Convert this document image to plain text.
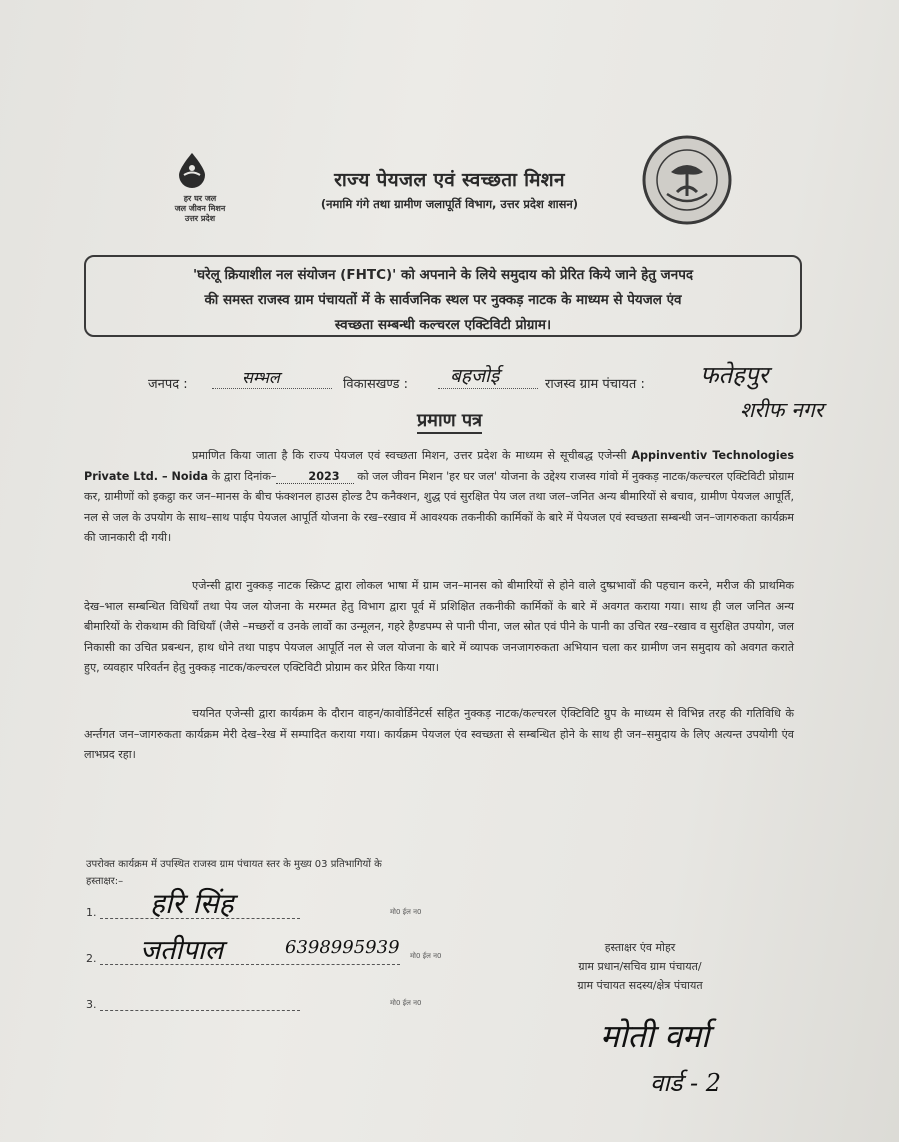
हर घर जल
जल जीवन मिशन
उत्तर प्रदेश
राज्य पेयजल एवं स्वच्छता मिशन
(नमामि गंगे तथा ग्रामीण जलापूर्ति विभाग, उत्तर प्रदेश शासन)
'घरेलू क्रियाशील नल संयोजन (FHTC)' को अपनाने के लिये समुदाय को प्रेरित किये जाने हेतु जनपद
की समस्त राजस्व ग्राम पंचायतों में के सार्वजनिक स्थल पर नुक्कड़ नाटक के माध्यम से पेयजल एंव
स्वच्छता सम्बन्धी कल्चरल एक्टिविटी प्रोग्राम।
जनपद :	सम्भल	विकासखण्ड :	बहजोई	राजस्व ग्राम पंचायत : फतेहपुर
शरीफ नगर
प्रमाण पत्र

प्रमाणित किया जाता है कि राज्य पेयजल एवं स्वच्छता मिशन, उत्तर प्रदेश के माध्यम से सूचीबद्ध एजेन्सी Appinventiv Technologies Private Ltd. – Noida के द्वारा दिनांक–	2023 को जल जीवन मिशन 'हर घर जल' योजना के उद्देश्य राजस्व गांवो में नुक्कड़ नाटक/कल्चरल एक्टिविटी प्रोग्राम कर, ग्रामीणों को इकट्ठा कर जन–मानस के बीच फंक्शनल हाउस होल्ड टैप कनैक्शन, शुद्ध एवं सुरक्षित पेय जल तथा जल–जनित अन्य बीमारियों से बचाव, ग्रामीण पेयजल आपूर्ति, नल से जल के उपयोग के साथ–साथ पाईप पेयजल आपूर्ति योजना के रख–रखाव में आवश्यक तकनीकी कार्मिकों के बारे में पेयजल एवं स्वच्छता सम्बन्धी जन–जागरुकता कार्यक्रम की जानकारी दी गयी।

एजेन्सी द्वारा नुक्कड़ नाटक स्क्रिप्ट द्वारा लोकल भाषा में ग्राम जन–मानस को बीमारियों से होने वाले दुष्प्रभावों की पहचान करने, मरीज की प्राथमिक देख–भाल सम्बन्धित विधियाँ तथा पेय जल योजना के मरम्मत हेतु विभाग द्वारा पूर्व में प्रशिक्षित तकनीकी कार्मिकों के बारे में अवगत कराया गया। साथ ही जल जनित अन्य बीमारियों के रोकथाम की विधियाँ (जैसे –मच्छरों व उनके लार्वो का उन्मूलन, गहरे हैण्डपम्प से पानी पीना, जल स्रोत एवं पीने के पानी का उचित रख–रखाव व सुरक्षित उपयोग, जल निकासी का उचित प्रबन्धन, हाथ धोने तथा पाइप पेयजल आपूर्ति नल से जल योजना के बारे में व्यापक जनजागरुकता अभियान चला कर ग्रामीण जन समुदाय को अवगत कराते हुए, व्यवहार परिवर्तन हेतु नुक्कड़ नाटक/कल्चरल एक्टिविटी प्रोग्राम कर प्रेरित किया गया।

चयनित एजेन्सी द्वारा कार्यक्रम के दौरान वाहन/कावोर्डिनेटर्स सहित नुक्कड़ नाटक/कल्चरल ऐक्टिविटि ग्रुप के माध्यम से विभिन्न तरह की गतिविधि के अर्न्तगत जन–जागरुकता कार्यक्रम मेरी देख–रेख में सम्पादित कराया गया। कार्यक्रम पेयजल एंव स्वच्छता से सम्बन्धित होने के साथ ही जन–समुदाय के लिए अत्यन्त उपयोगी एंव लाभप्रद रहा।

उपरोक्त कार्यक्रम में उपस्थित राजस्व ग्राम पंचायत स्तर के मुख्य 03 प्रतिभागियों के
हस्ताक्षर:–
1.	हरि सिंह	मो0 ईल न0
2.	जतीपाल	6398995939 मो0 ईल न0
3.	मो0 ईल न0
हस्ताक्षर एंव मोहर
ग्राम प्रधान/सचिव ग्राम पंचायत/
ग्राम पंचायत सदस्य/क्षेत्र पंचायत
मोती वर्मा
वार्ड - 2
